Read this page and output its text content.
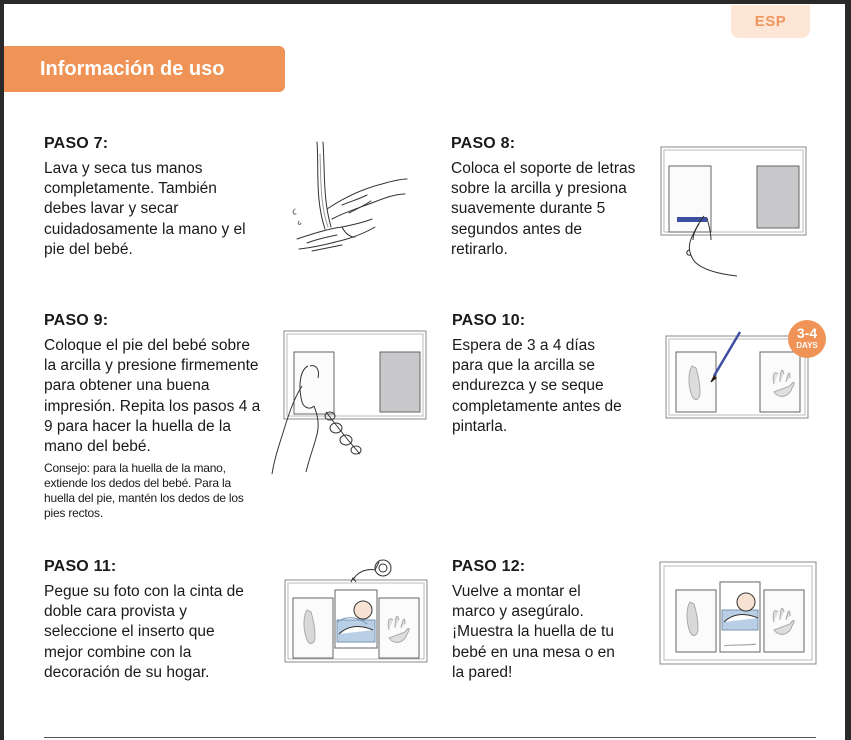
ESP
Información de uso
PASO 7:
Lava y seca tus manos
completamente. También
debes lavar y secar
cuidadosamente la mano y el
pie del bebé.
PASO 8:
Coloca el soporte de letras
sobre la arcilla y presiona
suavemente durante 5
segundos antes de
retirarlo.
PASO 9:
Coloque el pie del bebé sobre
la arcilla y presione firmemente
para obtener una buena
impresión. Repita los pasos 4 a
9 para hacer la huella de la
mano del bebé.
Consejo: para la huella de la mano,
extiende los dedos del bebé. Para la
huella del pie, mantén los dedos de los
pies rectos.
PASO 10:
Espera de 3 a 4 días
para que la arcilla se
endurezca y se seque
completamente antes de
pintarla.
3-4
DAYS
PASO 11:
Pegue su foto con la cinta de
doble cara provista y
seleccione el inserto que
mejor combine con la
decoración de su hogar.
PASO 12:
Vuelve a montar el
marco y asegúralo.
¡Muestra la huella de tu
bebé en una mesa o en
la pared!
